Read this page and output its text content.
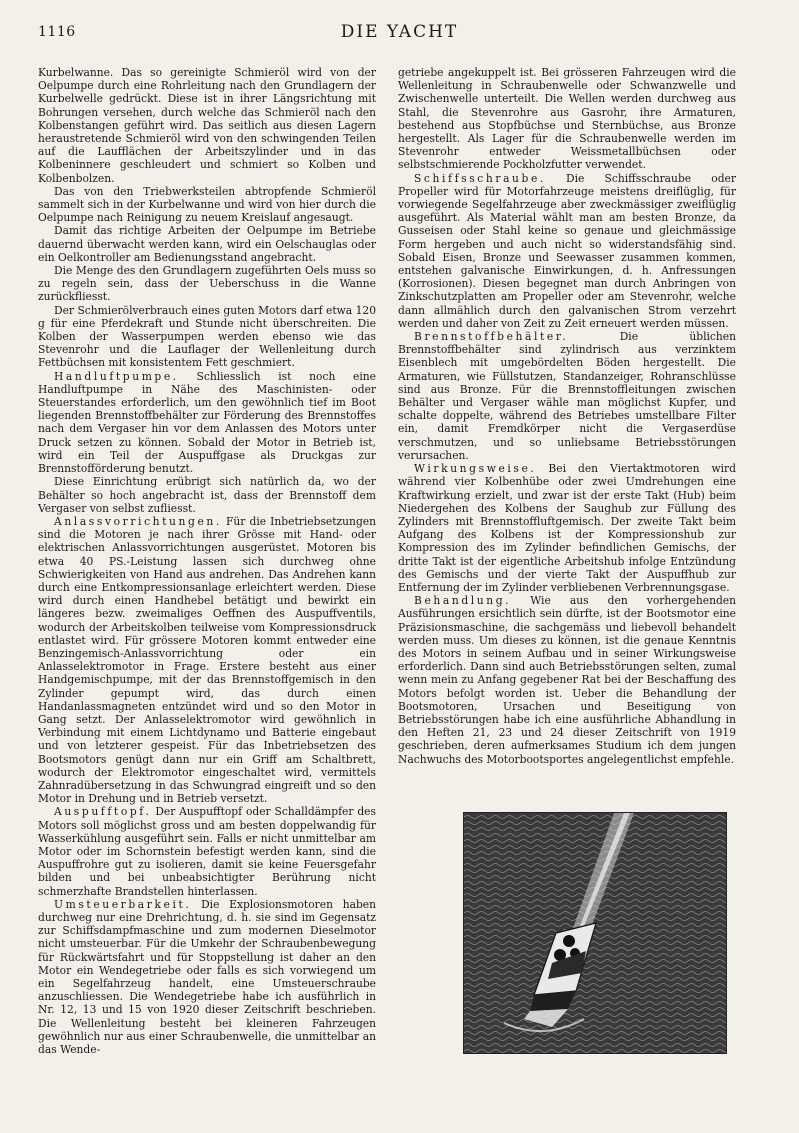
1116	DIE YACHT

Kurbelwanne. Das so gereinigte Schmieröl wird von der Oelpumpe durch eine Rohrleitung nach den Grundlagern der Kurbelwelle gedrückt. Diese ist in ihrer Längsrichtung mit Bohrungen versehen, durch welche das Schmieröl nach den Kolbenstangen geführt wird. Das seitlich aus diesen Lagern heraustretende Schmieröl wird von den schwingenden Teilen auf die Laufflächen der Arbeitszylinder und in das Kolbeninnere geschleudert und schmiert so Kolben und Kolbenbolzen.

Das von den Triebwerksteilen abtropfende Schmieröl sammelt sich in der Kurbelwanne und wird von hier durch die Oelpumpe nach Reinigung zu neuem Kreislauf angesaugt.

Damit das richtige Arbeiten der Oelpumpe im Betriebe dauernd überwacht werden kann, wird ein Oelschauglas oder ein Oelkontroller am Bedienungsstand angebracht.

Die Menge des den Grundlagern zugeführten Oels muss so zu regeln sein, dass der Ueberschuss in die Wanne zurückfliesst.

Der Schmierölverbrauch eines guten Motors darf etwa 120 g für eine Pferdekraft und Stunde nicht überschreiten. Die Kolben der Wasserpumpen werden ebenso wie das Stevenrohr und die Lauflager der Wellenleitung durch Fettbüchsen mit konsistentem Fett geschmiert.

Handluftpumpe. Schliesslich ist noch eine Handluftpumpe in Nähe des Maschinisten- oder Steuerstandes erforderlich, um den gewöhnlich tief im Boot liegenden Brennstoffbehälter zur Förderung des Brennstoffes nach dem Vergaser hin vor dem Anlassen des Motors unter Druck setzen zu können. Sobald der Motor in Betrieb ist, wird ein Teil der Auspuffgase als Druckgas zur Brennstofförderung benutzt.

Diese Einrichtung erübrigt sich natürlich da, wo der Behälter so hoch angebracht ist, dass der Brennstoff dem Vergaser von selbst zufliesst.

Anlassvorrichtungen. Für die Inbetriebsetzungen sind die Motoren je nach ihrer Grösse mit Hand- oder elektrischen Anlassvorrichtungen ausgerüstet. Motoren bis etwa 40 PS.-Leistung lassen sich durchweg ohne Schwierigkeiten von Hand aus andrehen. Das Andrehen kann durch eine Entkompressionsanlage erleichtert werden. Diese wird durch einen Handhebel betätigt und bewirkt ein längeres bezw. zweimaliges Oeffnen des Auspuffventils, wodurch der Arbeitskolben teilweise vom Kompressionsdruck entlastet wird. Für grössere Motoren kommt entweder eine Benzingemisch-Anlassvorrichtung oder ein Anlasselektromotor in Frage. Erstere besteht aus einer Handgemischpumpe, mit der das Brennstoffgemisch in den Zylinder gepumpt wird, das durch einen Handanlassmagneten entzündet wird und so den Motor in Gang setzt. Der Anlasselektromotor wird gewöhnlich in Verbindung mit einem Lichtdynamo und Batterie eingebaut und von letzterer gespeist. Für das Inbetriebsetzen des Bootsmotors genügt dann nur ein Griff am Schaltbrett, wodurch der Elektromotor eingeschaltet wird, vermittels Zahnradübersetzung in das Schwungrad eingreift und so den Motor in Drehung und in Betrieb versetzt.

Auspufftopf. Der Auspufftopf oder Schalldämpfer des Motors soll möglichst gross und am besten doppelwandig für Wasserkühlung ausgeführt sein. Falls er nicht unmittelbar am Motor oder im Schornstein befestigt werden kann, sind die Auspuffrohre gut zu isolieren, damit sie keine Feuersgefahr bilden und bei unbeabsichtigter Berührung nicht schmerzhafte Brandstellen hinterlassen.

Umsteuerbarkeit. Die Explosionsmotoren haben durchweg nur eine Drehrichtung, d. h. sie sind im Gegensatz zur Schiffsdampfmaschine und zum modernen Dieselmotor nicht umsteuerbar. Für die Umkehr der Schraubenbewegung für Rückwärtsfahrt und für Stoppstellung ist daher an den Motor ein Wendegetriebe oder falls es sich vorwiegend um ein Segelfahrzeug handelt, eine Umsteuerschraube anzuschliessen. Die Wendegetriebe habe ich ausführlich in Nr. 12, 13 und 15 von 1920 dieser Zeitschrift beschrieben. Die Wellenleitung besteht bei kleineren Fahrzeugen gewöhnlich nur aus einer Schraubenwelle, die unmittelbar an das Wende-

getriebe angekuppelt ist. Bei grösseren Fahrzeugen wird die Wellenleitung in Schraubenwelle oder Schwanzwelle und Zwischenwelle unterteilt. Die Wellen werden durchweg aus Stahl, die Stevenrohre aus Gasrohr, ihre Armaturen, bestehend aus Stopfbüchse und Sternbüchse, aus Bronze hergestellt. Als Lager für die Schraubenwelle werden im Stevenrohr entweder Weissmetallbüchsen oder selbstschmierende Pockholzfutter verwendet.

Schiffsschraube. Die Schiffsschraube oder Propeller wird für Motorfahrzeuge meistens dreiflüglig, für vorwiegende Segelfahrzeuge aber zweckmässiger zweiflüglig ausgeführt. Als Material wählt man am besten Bronze, da Gusseisen oder Stahl keine so genaue und gleichmässige Form hergeben und auch nicht so widerstandsfähig sind. Sobald Eisen, Bronze und Seewasser zusammen kommen, entstehen galvanische Einwirkungen, d. h. Anfressungen (Korrosionen). Diesen begegnet man durch Anbringen von Zinkschutzplatten am Propeller oder am Stevenrohr, welche dann allmählich durch den galvanischen Strom verzehrt werden und daher von Zeit zu Zeit erneuert werden müssen.

Brennstoffbehälter. Die üblichen Brennstoffbehälter sind zylindrisch aus verzinktem Eisenblech mit umgebördelten Böden hergestellt. Die Armaturen, wie Füllstutzen, Standanzeiger, Rohranschlüsse sind aus Bronze. Für die Brennstoffleitungen zwischen Behälter und Vergaser wähle man möglichst Kupfer, und schalte doppelte, während des Betriebes umstellbare Filter ein, damit Fremdkörper nicht die Vergaserdüse verschmutzen, und so unliebsame Betriebsstörungen verursachen.

Wirkungsweise. Bei den Viertaktmotoren wird während vier Kolbenhübe oder zwei Umdrehungen eine Kraftwirkung erzielt, und zwar ist der erste Takt (Hub) beim Niedergehen des Kolbens der Saughub zur Füllung des Zylinders mit Brennstoffluftgemisch. Der zweite Takt beim Aufgang des Kolbens ist der Kompressionshub zur Kompression des im Zylinder befindlichen Gemischs, der dritte Takt ist der eigentliche Arbeitshub infolge Entzündung des Gemischs und der vierte Takt der Auspuffhub zur Entfernung der im Zylinder verbliebenen Verbrennungsgase.

Behandlung. Wie aus den vorhergehenden Ausführungen ersichtlich sein dürfte, ist der Bootsmotor eine Präzisionsmaschine, die sachgemäss und liebevoll behandelt werden muss. Um dieses zu können, ist die genaue Kenntnis des Motors in seinem Aufbau und in seiner Wirkungsweise erforderlich. Dann sind auch Betriebsstörungen selten, zumal wenn mein zu Anfang gegebener Rat bei der Beschaffung des Motors befolgt worden ist. Ueber die Behandlung der Bootsmotoren, Ursachen und Beseitigung von Betriebsstörungen habe ich eine ausführliche Abhandlung in den Heften 21, 23 und 24 dieser Zeitschrift von 1919 geschrieben, deren aufmerksames Studium ich dem jungen Nachwuchs des Motorbootsportes angelegentlichst empfehle.
